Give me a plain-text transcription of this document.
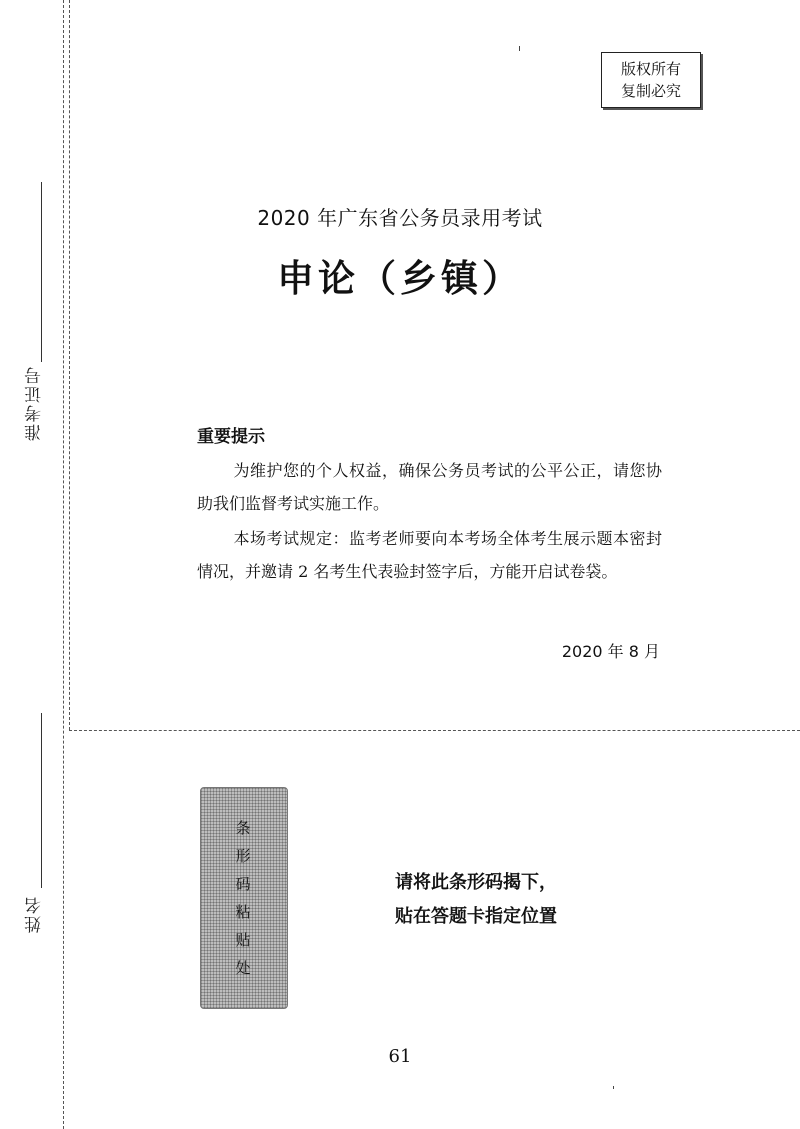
准考证号
姓名
版权所有
复制必究
2020 年广东省公务员录用考试
申论（乡镇）
重要提示
为维护您的个人权益，确保公务员考试的公平公正，请您协助我们监督考试实施工作。
本场考试规定：监考老师要向本考场全体考生展示题本密封情况，并邀请 2 名考生代表验封签字后，方能开启试卷袋。
2020 年 8 月
条
形
码
粘
贴
处
请将此条形码揭下，
贴在答题卡指定位置
61
